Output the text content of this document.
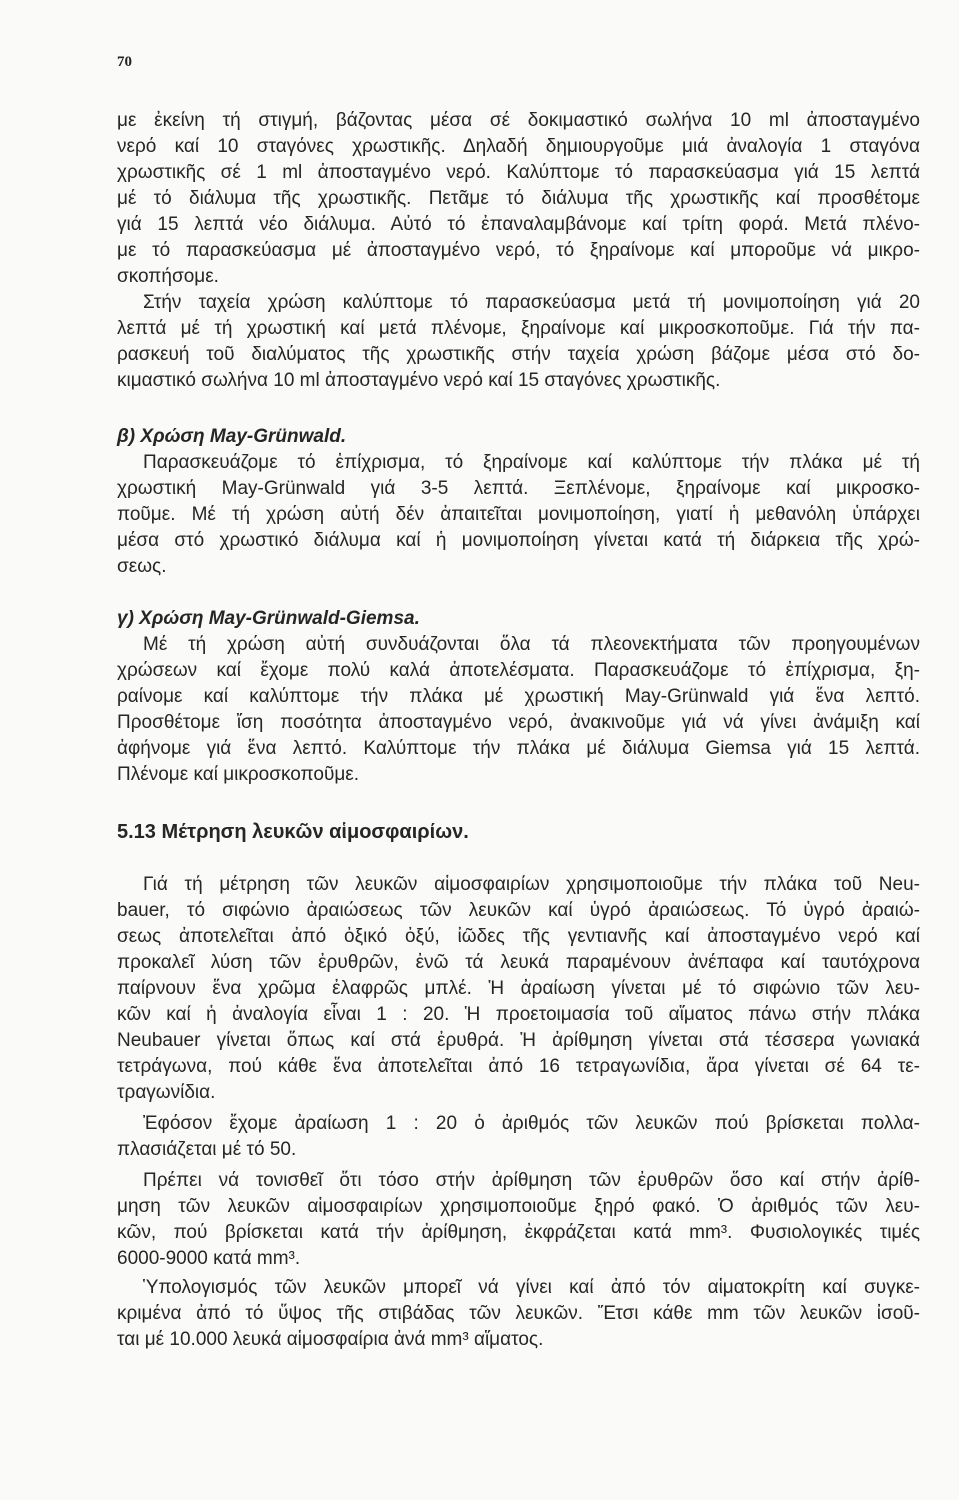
70
με ἐκείνη τή στιγμή, βάζοντας μέσα σέ δοκιμαστικό σωλήνα 10 ml ἀποσταγμένο
νερό καί 10 σταγόνες χρωστικῆς. Δηλαδή δημιουργοῦμε μιά ἀναλογία 1 σταγόνα
χρωστικῆς σέ 1 ml ἀποσταγμένο νερό. Καλύπτομε τό παρασκεύασμα γιά 15 λεπτά
μέ τό διάλυμα τῆς χρωστικῆς. Πετᾶμε τό διάλυμα τῆς χρωστικῆς καί προσθέτομε
γιά 15 λεπτά νέο διάλυμα. Αὐτό τό ἐπαναλαμβάνομε καί τρίτη φορά. Μετά πλένο-
με τό παρασκεύασμα μέ ἀποσταγμένο νερό, τό ξηραίνομε καί μποροῦμε νά μικρο-
σκοπήσομε.
Στήν ταχεία χρώση καλύπτομε τό παρασκεύασμα μετά τή μονιμοποίηση γιά 20
λεπτά μέ τή χρωστική καί μετά πλένομε, ξηραίνομε καί μικροσκοποῦμε. Γιά τήν πα-
ρασκευή τοῦ διαλύματος τῆς χρωστικῆς στήν ταχεία χρώση βάζομε μέσα στό δο-
κιμαστικό σωλήνα 10 ml ἀποσταγμένο νερό καί 15 σταγόνες χρωστικῆς.
β) Χρώση May-Grünwald.
Παρασκευάζομε τό ἐπίχρισμα, τό ξηραίνομε καί καλύπτομε τήν πλάκα μέ τή
χρωστική May-Grünwald γιά 3-5 λεπτά. Ξεπλένομε, ξηραίνομε καί μικροσκο-
ποῦμε. Μέ τή χρώση αὐτή δέν ἀπαιτεῖται μονιμοποίηση, γιατί ἡ μεθανόλη ὑπάρχει
μέσα στό χρωστικό διάλυμα καί ἡ μονιμοποίηση γίνεται κατά τή διάρκεια τῆς χρώ-
σεως.
γ) Χρώση May-Grünwald-Giemsa.
Μέ τή χρώση αὐτή συνδυάζονται ὅλα τά πλεονεκτήματα τῶν προηγουμένων
χρώσεων καί ἔχομε πολύ καλά ἀποτελέσματα. Παρασκευάζομε τό ἐπίχρισμα, ξη-
ραίνομε καί καλύπτομε τήν πλάκα μέ χρωστική May-Grünwald γιά ἕνα λεπτό.
Προσθέτομε ἴση ποσότητα ἀποσταγμένο νερό, ἀνακινοῦμε γιά νά γίνει ἀνάμιξη καί
ἀφήνομε γιά ἕνα λεπτό. Καλύπτομε τήν πλάκα μέ διάλυμα Giemsa γιά 15 λεπτά.
Πλένομε καί μικροσκοποῦμε.
5.13 Μέτρηση λευκῶν αἱμοσφαιρίων.
Γιά τή μέτρηση τῶν λευκῶν αἱμοσφαιρίων χρησιμοποιοῦμε τήν πλάκα τοῦ Neu-
bauer, τό σιφώνιο ἀραιώσεως τῶν λευκῶν καί ὑγρό ἀραιώσεως. Τό ὑγρό ἀραιώ-
σεως ἀποτελεῖται ἀπό ὀξικό ὀξύ, ἰῶδες τῆς γεντιανῆς καί ἀποσταγμένο νερό καί
προκαλεῖ λύση τῶν ἐρυθρῶν, ἐνῶ τά λευκά παραμένουν ἀνέπαφα καί ταυτόχρονα
παίρνουν ἕνα χρῶμα ἐλαφρῶς μπλέ. Ἡ ἀραίωση γίνεται μέ τό σιφώνιο τῶν λευ-
κῶν καί ἡ ἀναλογία εἶναι 1 : 20. Ἡ προετοιμασία τοῦ αἵματος πάνω στήν πλάκα
Neubauer γίνεται ὅπως καί στά ἐρυθρά. Ἡ ἀρίθμηση γίνεται στά τέσσερα γωνιακά
τετράγωνα, πού κάθε ἕνα ἀποτελεῖται ἀπό 16 τετραγωνίδια, ἄρα γίνεται σέ 64 τε-
τραγωνίδια.
Ἐφόσον ἔχομε ἀραίωση 1 : 20 ὁ ἀριθμός τῶν λευκῶν πού βρίσκεται πολλα-
πλασιάζεται μέ τό 50.
Πρέπει νά τονισθεῖ ὅτι τόσο στήν ἀρίθμηση τῶν ἐρυθρῶν ὅσο καί στήν ἀρίθ-
μηση τῶν λευκῶν αἱμοσφαιρίων χρησιμοποιοῦμε ξηρό φακό. Ὁ ἀριθμός τῶν λευ-
κῶν, πού βρίσκεται κατά τήν ἀρίθμηση, ἐκφράζεται κατά mm³. Φυσιολογικές τιμές
6000-9000 κατά mm³.
Ὑπολογισμός τῶν λευκῶν μπορεῖ νά γίνει καί ἀπό τόν αἱματοκρίτη καί συγκε-
κριμένα ἀπό τό ὕψος τῆς στιβάδας τῶν λευκῶν. Ἔτσι κάθε mm τῶν λευκῶν ἰσοῦ-
ται μέ 10.000 λευκά αἱμοσφαίρια ἀνά mm³ αἵματος.
